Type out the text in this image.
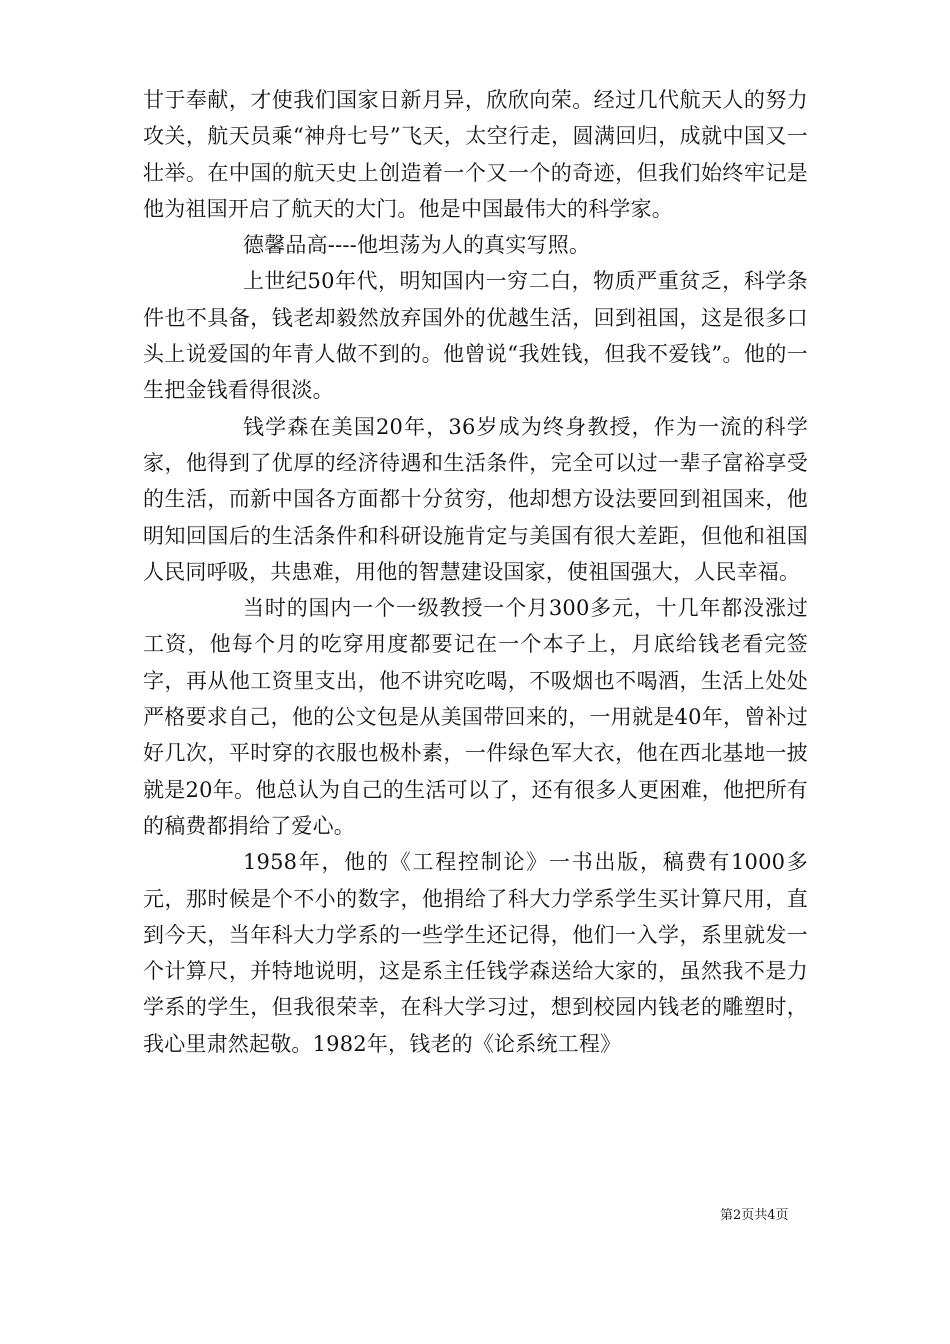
甘于奉献，才使我们国家日新月异，欣欣向荣。经过几代航天人的努力攻关，航天员乘“神舟七号”飞天，太空行走，圆满回归，成就中国又一壮举。在中国的航天史上创造着一个又一个的奇迹，但我们始终牢记是他为祖国开启了航天的大门。他是中国最伟大的科学家。

德馨品高----他坦荡为人的真实写照。

上世纪50年代，明知国内一穷二白，物质严重贫乏，科学条件也不具备，钱老却毅然放弃国外的优越生活，回到祖国，这是很多口头上说爱国的年青人做不到的。他曾说“我姓钱，但我不爱钱”。他的一生把金钱看得很淡。

钱学森在美国20年，36岁成为终身教授，作为一流的科学家，他得到了优厚的经济待遇和生活条件，完全可以过一辈子富裕享受的生活，而新中国各方面都十分贫穷，他却想方设法要回到祖国来，他明知回国后的生活条件和科研设施肯定与美国有很大差距，但他和祖国人民同呼吸，共患难，用他的智慧建设国家，使祖国强大，人民幸福。

当时的国内一个一级教授一个月300多元，十几年都没涨过工资，他每个月的吃穿用度都要记在一个本子上，月底给钱老看完签字，再从他工资里支出，他不讲究吃喝，不吸烟也不喝酒，生活上处处严格要求自己，他的公文包是从美国带回来的，一用就是40年，曾补过好几次，平时穿的衣服也极朴素，一件绿色军大衣，他在西北基地一披就是20年。他总认为自己的生活可以了，还有很多人更困难，他把所有的稿费都捐给了爱心。

1958年，他的《工程控制论》一书出版，稿费有1000多元，那时候是个不小的数字，他捐给了科大力学系学生买计算尺用，直到今天，当年科大力学系的一些学生还记得，他们一入学，系里就发一个计算尺，并特地说明，这是系主任钱学森送给大家的，虽然我不是力学系的学生，但我很荣幸，在科大学习过，想到校园内钱老的雕塑时，我心里肃然起敬。1982年，钱老的《论系统工程》

第2页共4页
